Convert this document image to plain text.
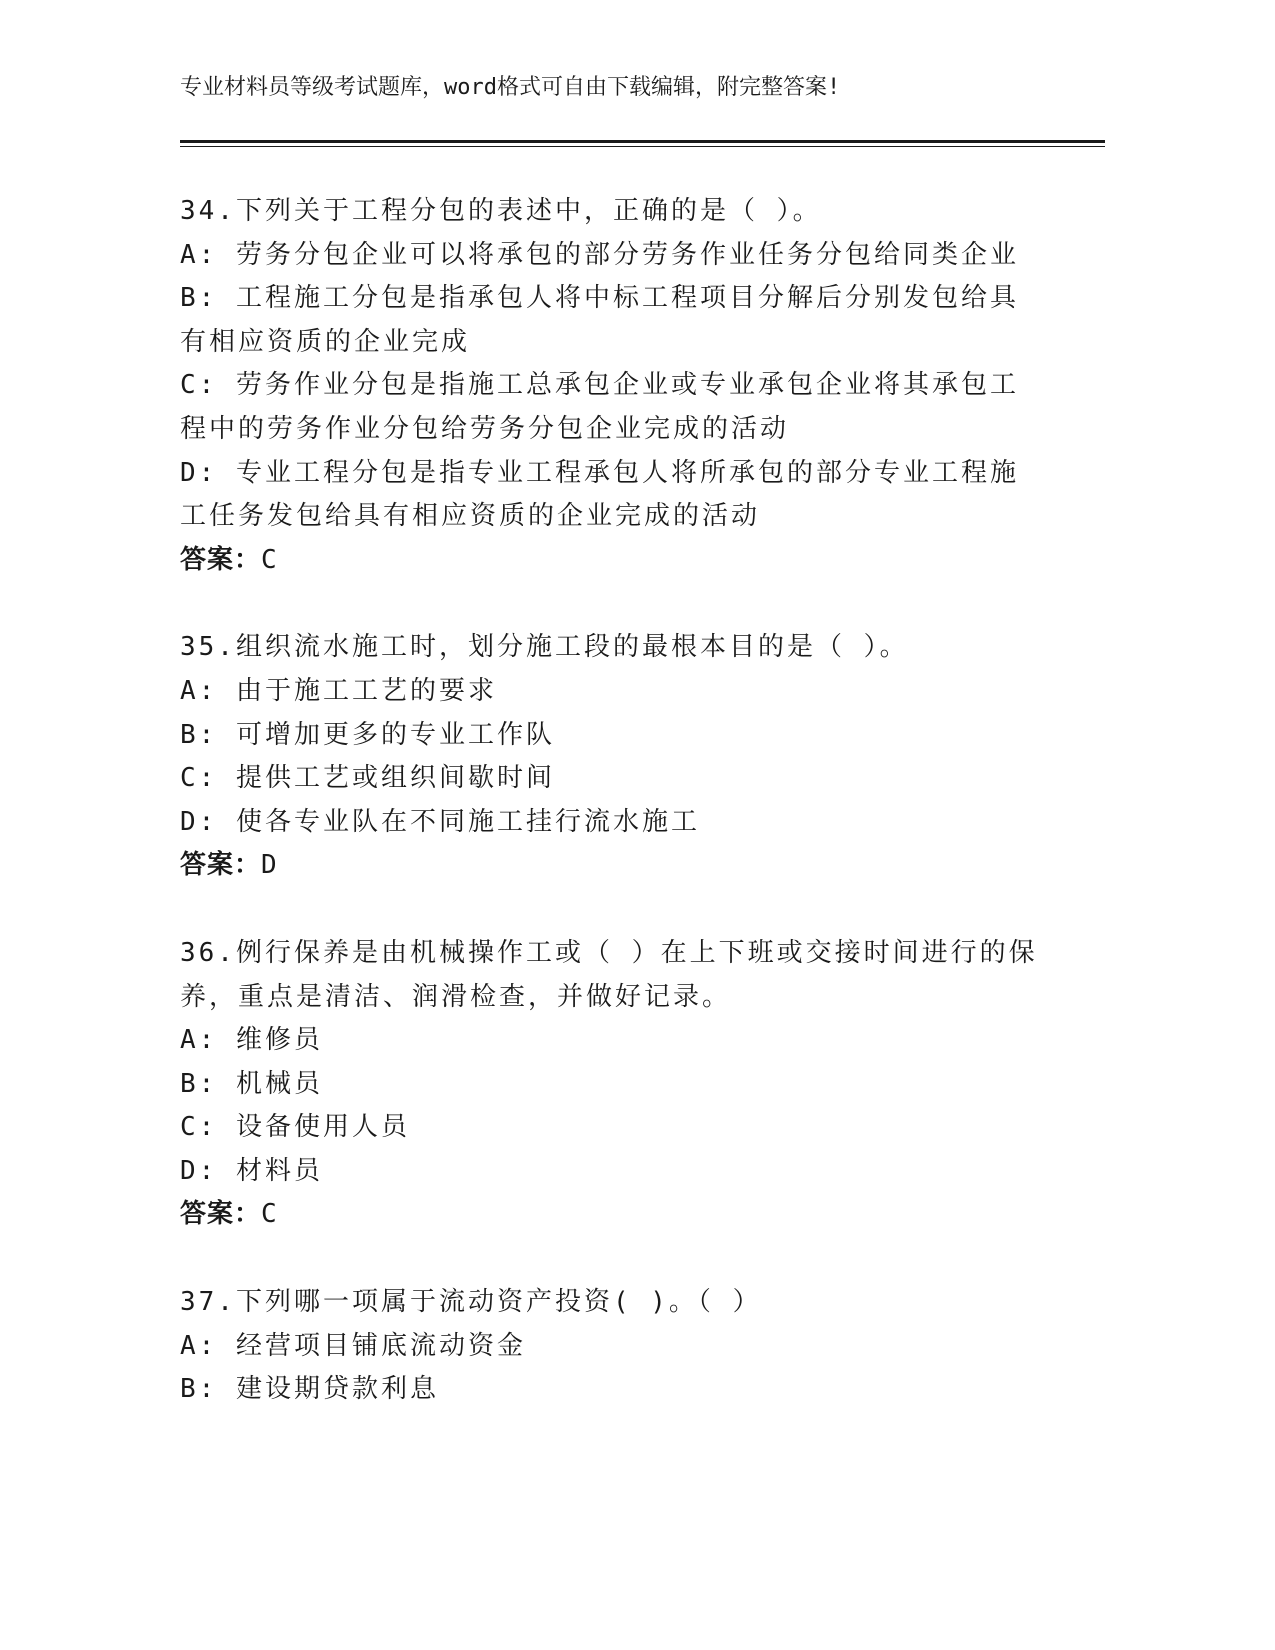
专业材料员等级考试题库，word格式可自由下载编辑，附完整答案!
34.下列关于工程分包的表述中，正确的是（ ）。
A: 劳务分包企业可以将承包的部分劳务作业任务分包给同类企业
B: 工程施工分包是指承包人将中标工程项目分解后分别发包给具有相应资质的企业完成
C: 劳务作业分包是指施工总承包企业或专业承包企业将其承包工程中的劳务作业分包给劳务分包企业完成的活动
D: 专业工程分包是指专业工程承包人将所承包的部分专业工程施工任务发包给具有相应资质的企业完成的活动
答案：C
35.组织流水施工时，划分施工段的最根本目的是（ ）。
A: 由于施工工艺的要求
B: 可增加更多的专业工作队
C: 提供工艺或组织间歇时间
D: 使各专业队在不同施工挂行流水施工
答案：D
36.例行保养是由机械操作工或（ ）在上下班或交接时间进行的保养，重点是清洁、润滑检查，并做好记录。
A: 维修员
B: 机械员
C: 设备使用人员
D: 材料员
答案：C
37.下列哪一项属于流动资产投资( )。（ ）
A: 经营项目铺底流动资金
B: 建设期贷款利息
